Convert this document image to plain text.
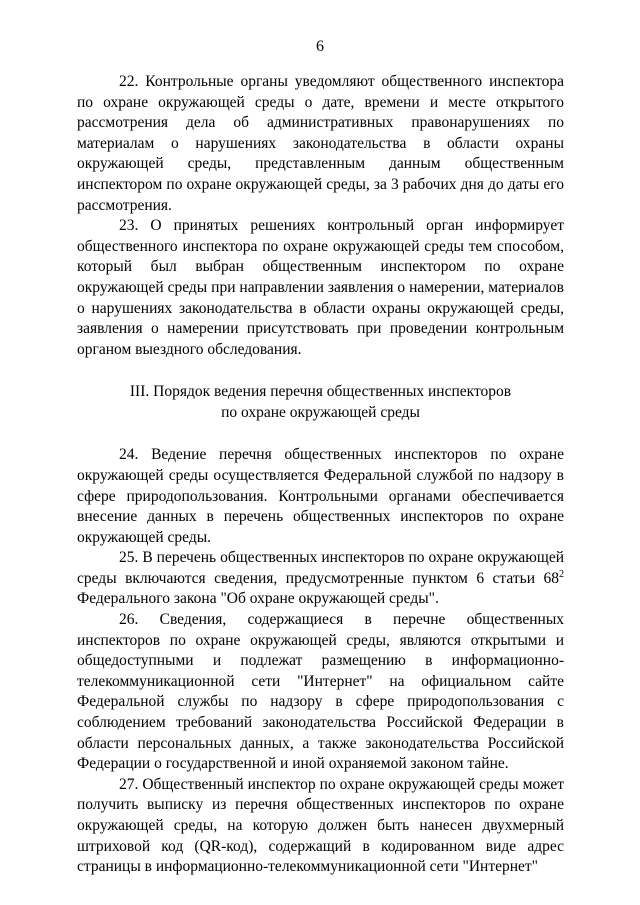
6

22. Контрольные органы уведомляют общественного инспектора по охране окружающей среды о дате, времени и месте открытого рассмотрения дела об административных правонарушениях по материалам о нарушениях законодательства в области охраны окружающей среды, представленным данным общественным инспектором по охране окружающей среды, за 3 рабочих дня до даты его рассмотрения.

23. О принятых решениях контрольный орган информирует общественного инспектора по охране окружающей среды тем способом, который был выбран общественным инспектором по охране окружающей среды при направлении заявления о намерении, материалов о нарушениях законодательства в области охраны окружающей среды, заявления о намерении присутствовать при проведении контрольным органом выездного обследования.

III. Порядок ведения перечня общественных инспекторов

по охране окружающей среды

24. Ведение перечня общественных инспекторов по охране окружающей среды осуществляется Федеральной службой по надзору в сфере природопользования. Контрольными органами обеспечивается внесение данных в перечень общественных инспекторов по охране окружающей среды.

25. В перечень общественных инспекторов по охране окружающей среды включаются сведения, предусмотренные пунктом 6 статьи $68^2$ Федерального закона "Об охране окружающей среды".

26. Сведения, содержащиеся в перечне общественных инспекторов по охране окружающей среды, являются открытыми и общедоступными и подлежат размещению в информационно-телекоммуникационной сети "Интернет" на официальном сайте Федеральной службы по надзору в сфере природопользования с соблюдением требований законодательства Российской Федерации в области персональных данных, а также законодательства Российской Федерации о государственной и иной охраняемой законом тайне.

27. Общественный инспектор по охране окружающей среды может получить выписку из перечня общественных инспекторов по охране окружающей среды, на которую должен быть нанесен двухмерный штриховой код (QR-код), содержащий в кодированном виде адрес страницы в информационно-телекоммуникационной сети "Интернет"
